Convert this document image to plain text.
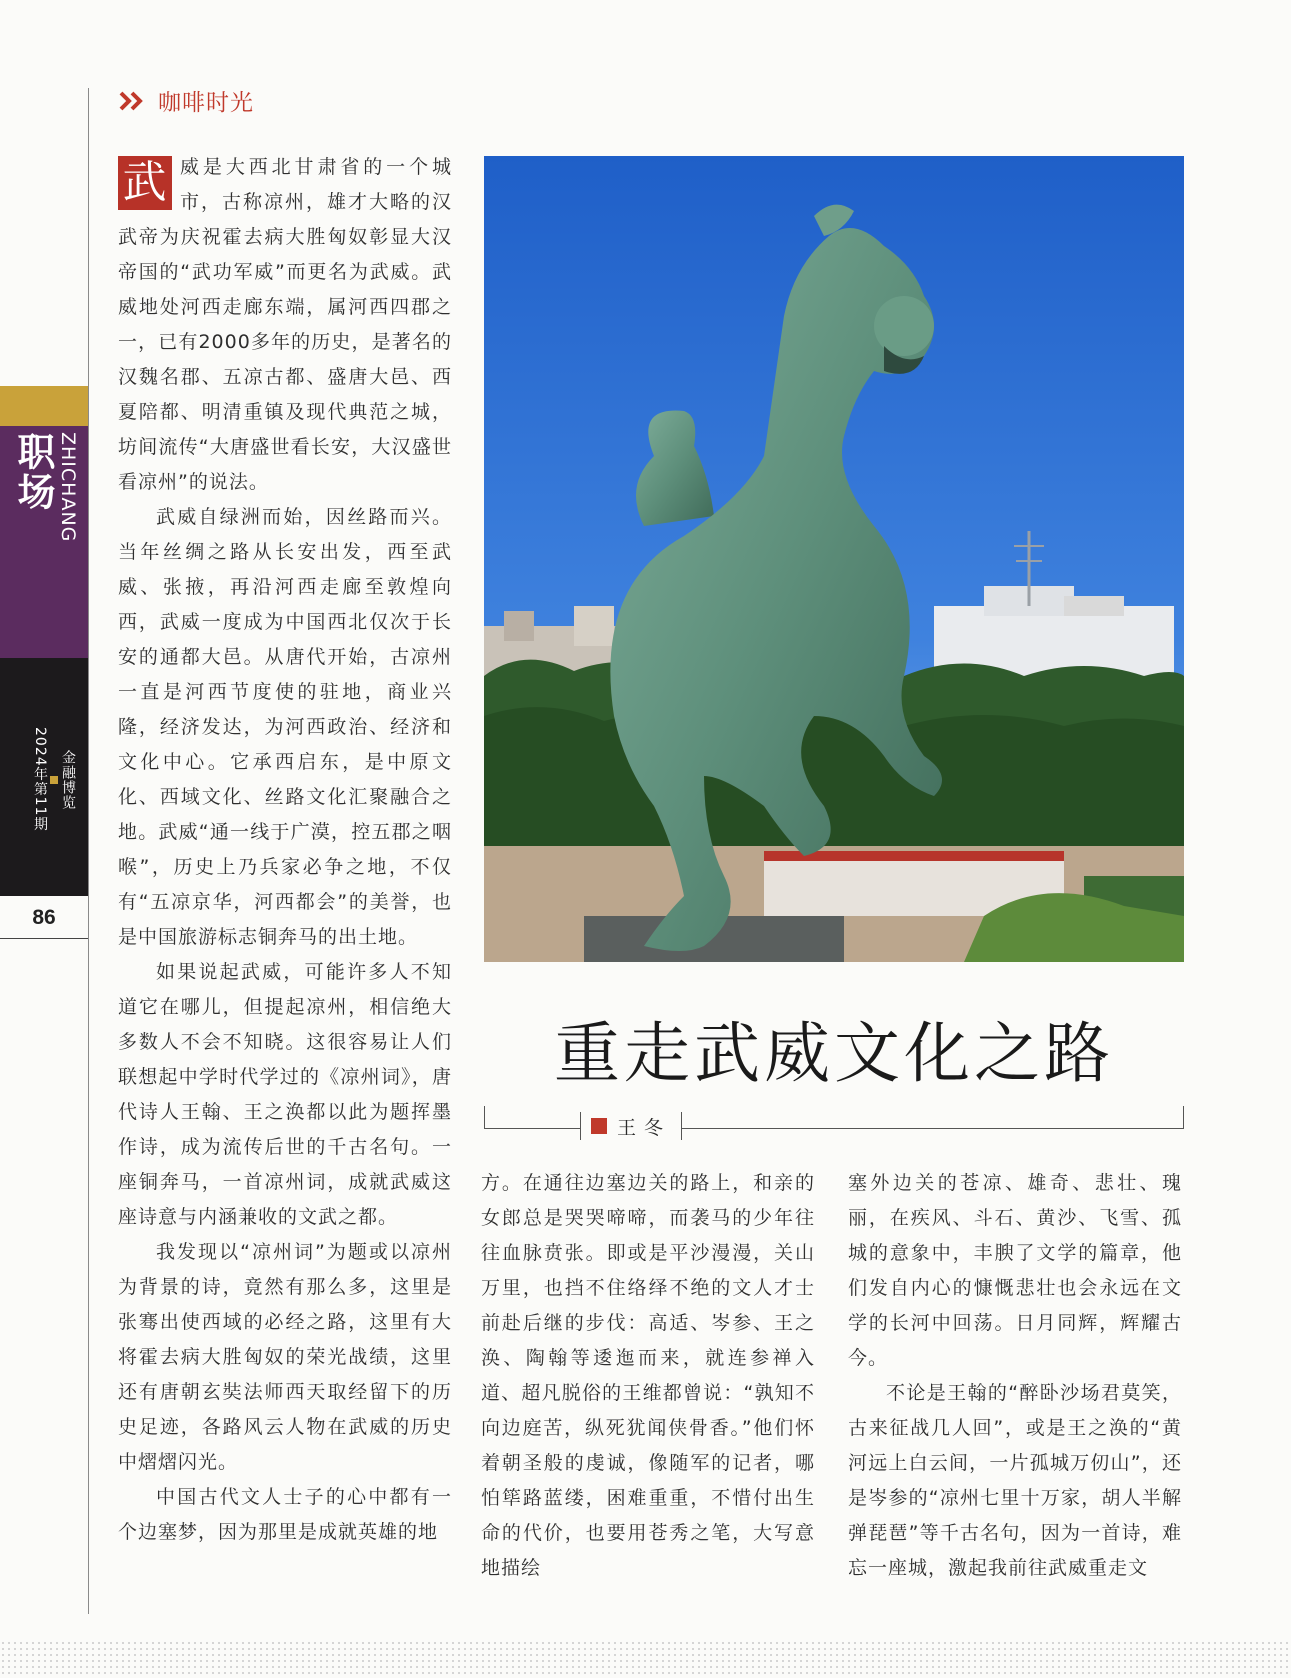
职场 ZHICHANG
金融博览
2024年第11期
86
咖啡时光

武 威是大西北甘肃省的一个城市，古称凉州，雄才大略的汉武帝为庆祝霍去病大胜匈奴彰显大汉帝国的“武功军威”而更名为武威。武威地处河西走廊东端，属河西四郡之一，已有2000多年的历史，是著名的汉魏名郡、五凉古都、盛唐大邑、西夏陪都、明清重镇及现代典范之城，坊间流传“大唐盛世看长安，大汉盛世看凉州”的说法。

武威自绿洲而始，因丝路而兴。当年丝绸之路从长安出发，西至武威、张掖，再沿河西走廊至敦煌向西，武威一度成为中国西北仅次于长安的通都大邑。从唐代开始，古凉州一直是河西节度使的驻地，商业兴隆，经济发达，为河西政治、经济和文化中心。它承西启东，是中原文化、西域文化、丝路文化汇聚融合之地。武威“通一线于广漠，控五郡之咽喉”，历史上乃兵家必争之地，不仅有“五凉京华，河西都会”的美誉，也是中国旅游标志铜奔马的出土地。

如果说起武威，可能许多人不知道它在哪儿，但提起凉州，相信绝大多数人不会不知晓。这很容易让人们联想起中学时代学过的《凉州词》，唐代诗人王翰、王之涣都以此为题挥墨作诗，成为流传后世的千古名句。一座铜奔马，一首凉州词，成就武威这座诗意与内涵兼收的文武之都。

我发现以“凉州词”为题或以凉州为背景的诗，竟然有那么多，这里是张骞出使西域的必经之路，这里有大将霍去病大胜匈奴的荣光战绩，这里还有唐朝玄奘法师西天取经留下的历史足迹，各路风云人物在武威的历史中熠熠闪光。

中国古代文人士子的心中都有一个边塞梦，因为那里是成就英雄的地

重走武威文化之路
王冬

方。在通往边塞边关的路上，和亲的女郎总是哭哭啼啼，而袭马的少年往往血脉贲张。即或是平沙漫漫，关山万里，也挡不住络绎不绝的文人才士前赴后继的步伐：高适、岑参、王之涣、陶翰等逶迤而来，就连参禅入道、超凡脱俗的王维都曾说：“孰知不向边庭苦，纵死犹闻侠骨香。”他们怀着朝圣般的虔诚，像随军的记者，哪怕筚路蓝缕，困难重重，不惜付出生命的代价，也要用苍秀之笔，大写意地描绘

塞外边关的苍凉、雄奇、悲壮、瑰丽，在疾风、斗石、黄沙、飞雪、孤城的意象中，丰腴了文学的篇章，他们发自内心的慷慨悲壮也会永远在文学的长河中回荡。日月同辉，辉耀古今。

不论是王翰的“醉卧沙场君莫笑，古来征战几人回”，或是王之涣的“黄河远上白云间，一片孤城万仞山”，还是岑参的“凉州七里十万家，胡人半解弹琵琶”等千古名句，因为一首诗，难忘一座城，激起我前往武威重走文
